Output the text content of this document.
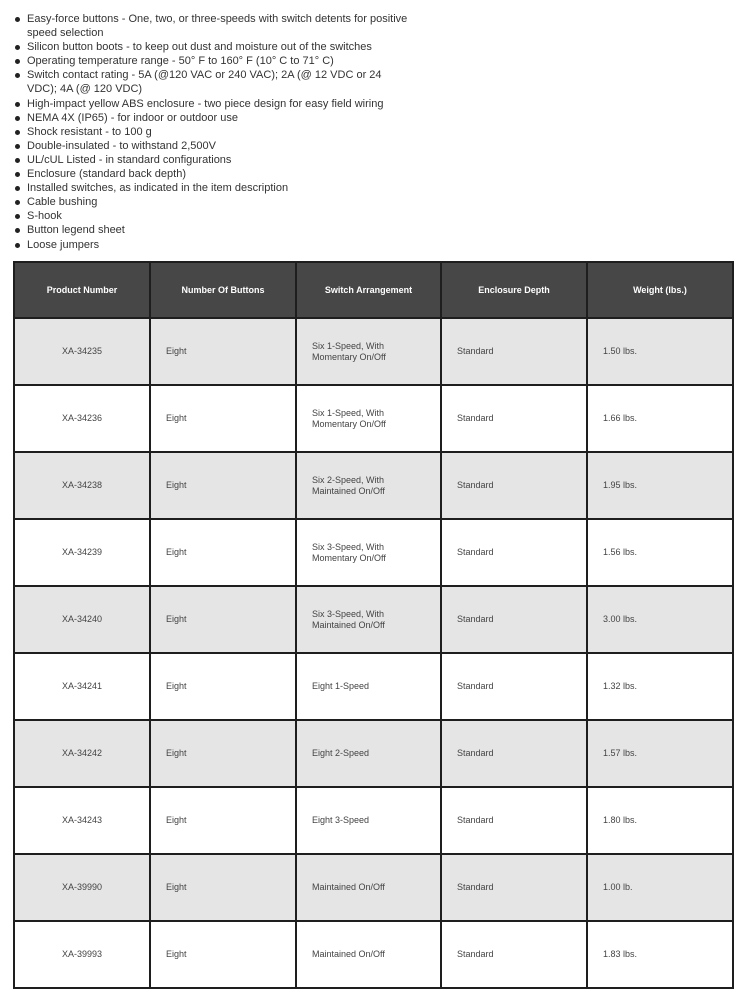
Easy-force buttons - One, two, or three-speeds with switch detents for positive speed selection
Silicon button boots - to keep out dust and moisture out of the switches
Operating temperature range - 50° F to 160° F (10° C to 71° C)
Switch contact rating - 5A (@120 VAC or 240 VAC); 2A (@ 12 VDC or 24 VDC); 4A (@ 120 VDC)
High-impact yellow ABS enclosure - two piece design for easy field wiring
NEMA 4X (IP65) - for indoor or outdoor use
Shock resistant - to 100 g
Double-insulated - to withstand 2,500V
UL/cUL Listed - in standard configurations
Enclosure (standard back depth)
Installed switches, as indicated in the item description
Cable bushing
S-hook
Button legend sheet
Loose jumpers
Product Number	Number Of Buttons	Switch Arrangement	Enclosure Depth	Weight (lbs.)
XA-34235	Eight	Six 1-Speed, With Momentary On/Off	Standard	1.50 lbs.
XA-34236	Eight	Six 1-Speed, With Momentary On/Off	Standard	1.66 lbs.
XA-34238	Eight	Six 2-Speed, With Maintained On/Off	Standard	1.95 lbs.
XA-34239	Eight	Six 3-Speed, With Momentary On/Off	Standard	1.56 lbs.
XA-34240	Eight	Six 3-Speed, With Maintained On/Off	Standard	3.00 lbs.
XA-34241	Eight	Eight 1-Speed	Standard	1.32 lbs.
XA-34242	Eight	Eight 2-Speed	Standard	1.57 lbs.
XA-34243	Eight	Eight 3-Speed	Standard	1.80 lbs.
XA-39990	Eight	Maintained On/Off	Standard	1.00 lb.
XA-39993	Eight	Maintained On/Off	Standard	1.83 lbs.
